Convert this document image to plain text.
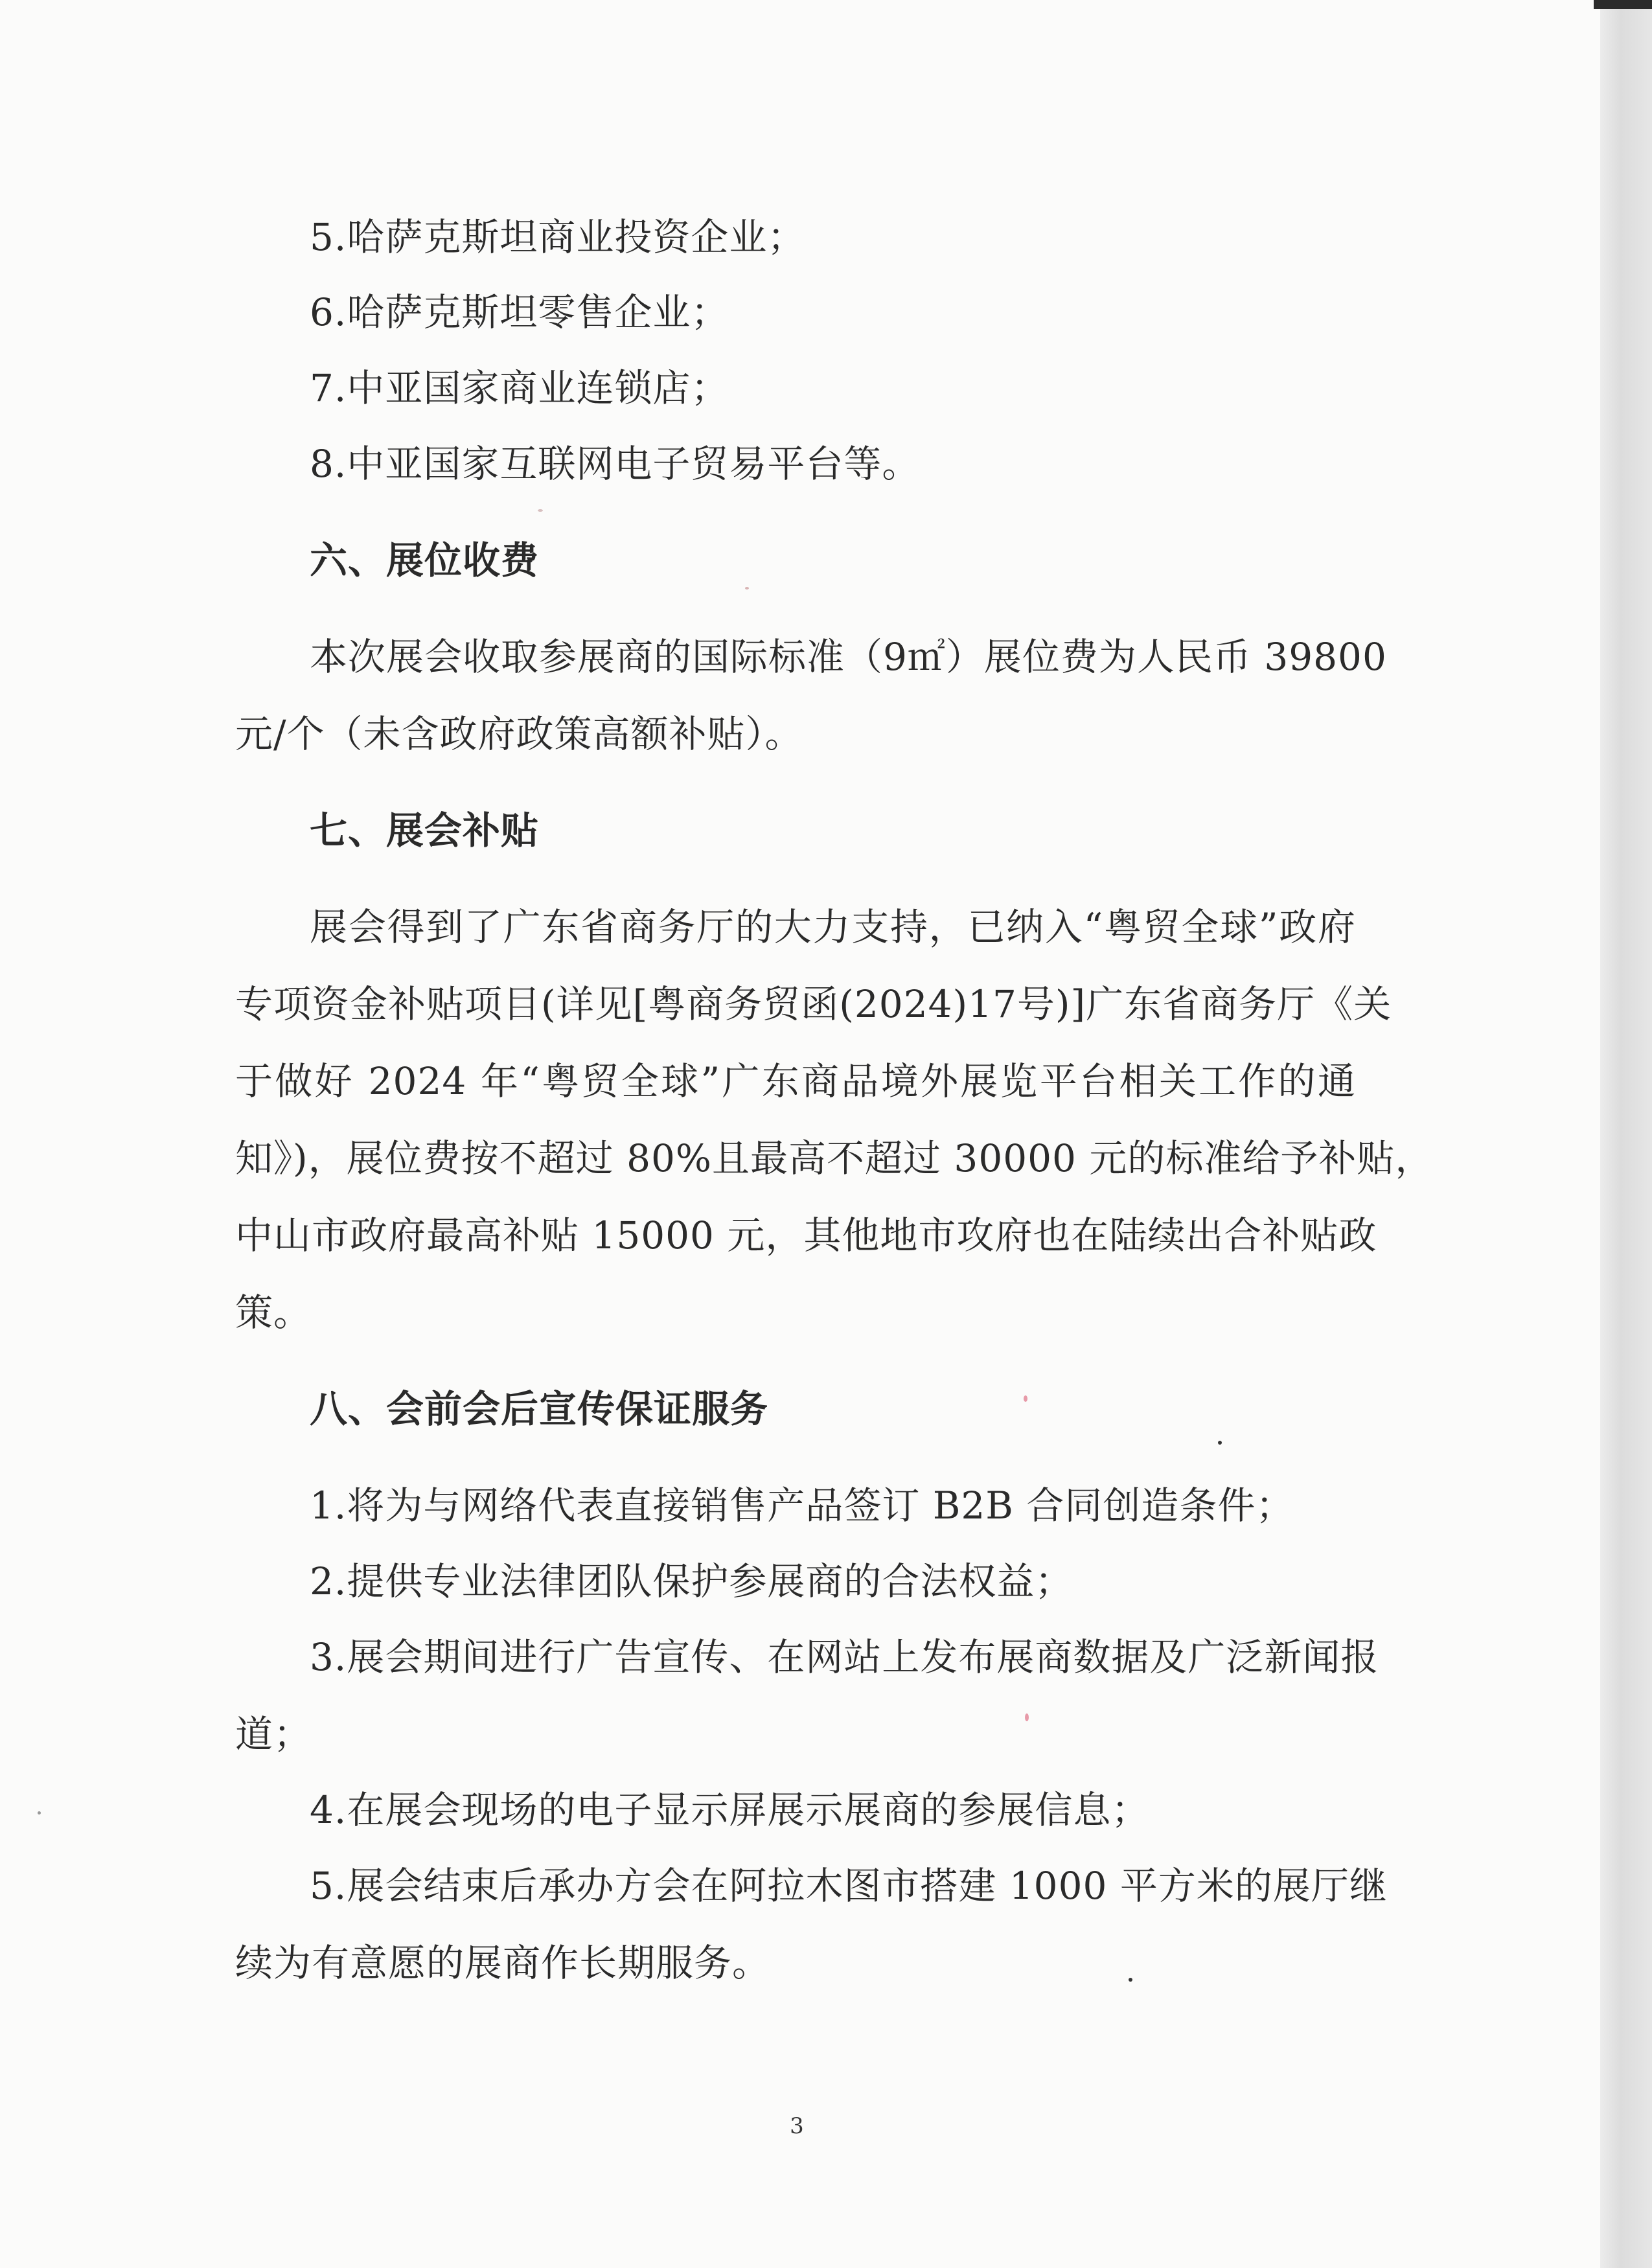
5.哈萨克斯坦商业投资企业；
6.哈萨克斯坦零售企业；
7.中亚国家商业连锁店；
8.中亚国家互联网电子贸易平台等。
六、展位收费
本次展会收取参展商的国际标准（9㎡）展位费为人民币 39800
元/个（未含政府政策高额补贴）。
七、展会补贴
展会得到了广东省商务厅的大力支持，已纳入“粤贸全球”政府
专项资金补贴项目(详见[粤商务贸函(2024)17号)]广东省商务厅《关
于做好 2024 年“粤贸全球”广东商品境外展览平台相关工作的通
知》)，展位费按不超过 80%且最高不超过 30000 元的标准给予补贴，
中山市政府最高补贴 15000 元，其他地市攻府也在陆续出合补贴政
策。
八、会前会后宣传保证服务
1.将为与网络代表直接销售产品签订 B2B 合同创造条件；
2.提供专业法律团队保护参展商的合法权益；
3.展会期间进行广告宣传、在网站上发布展商数据及广泛新闻报
道；
4.在展会现场的电子显示屏展示展商的参展信息；
5.展会结束后承办方会在阿拉木图市搭建 1000 平方米的展厅继
续为有意愿的展商作长期服务。
3
